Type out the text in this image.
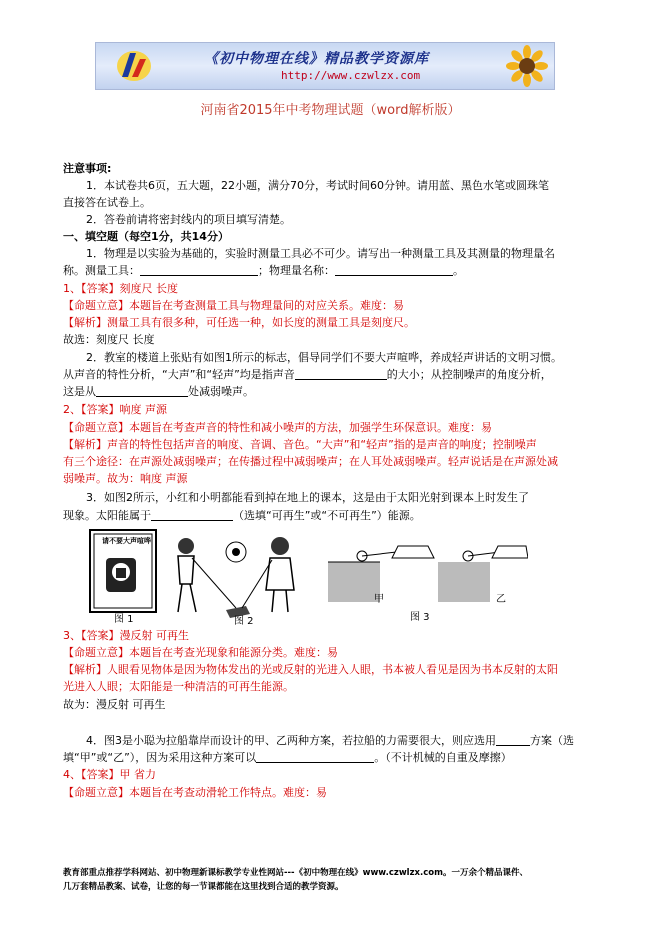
《初中物理在线》精品教学资源库
http://www.czwlzx.com
河南省2015年中考物理试题（word解析版）
注意事项:
1．本试卷共6页，五大题，22小题，满分70分，考试时间60分钟。请用蓝、黑色水笔或圆珠笔
直接答在试卷上。
2．答卷前请将密封线内的项目填写清楚。
一、填空题（每空1分，共14分）
1．物理是以实验为基础的，实验时测量工具必不可少。请写出一种测量工具及其测量的物理量名
称。测量工具：	；物理量名称：	。
1、【答案】刻度尺 长度
【命题立意】本题旨在考查测量工具与物理量间的对应关系。难度：易
【解析】测量工具有很多种，可任选一种，如长度的测量工具是刻度尺。
故选：刻度尺 长度
2．教室的楼道上张贴有如图1所示的标志，倡导同学们不要大声喧哗，养成轻声讲话的文明习惯。
从声音的特性分析，“大声”和“轻声”均是指声音	的大小；从控制噪声的角度分析，
这是从	处减弱噪声。
2、【答案】响度 声源
【命题立意】本题旨在考查声音的特性和减小噪声的方法，加强学生环保意识。难度：易
【解析】声音的特性包括声音的响度、音调、音色。“大声”和“轻声”指的是声音的响度；控制噪声
有三个途径：在声源处减弱噪声；在传播过程中减弱噪声；在人耳处减弱噪声。轻声说话是在声源处减
弱噪声。故为：响度 声源
3．如图2所示，小红和小明都能看到掉在地上的课本，这是由于太阳光射到课本上时发生了
现象。太阳能属于	（选填“可再生”或“不可再生”）能源。
请不要大声喧哗
图 1	图 2	图 3
甲	乙
3、【答案】漫反射 可再生
【命题立意】本题旨在考查光现象和能源分类。难度：易
【解析】人眼看见物体是因为物体发出的光或反射的光进入人眼，书本被人看见是因为书本反射的太阳
光进入人眼；太阳能是一种清洁的可再生能源。
故为：漫反射 可再生
4．图3是小聪为拉船靠岸而设计的甲、乙两种方案，若拉船的力需要很大，则应选用	方案（选
填“甲”或“乙”），因为采用这种方案可以	。（不计机械的自重及摩擦）
4、【答案】甲 省力
【命题立意】本题旨在考查动滑轮工作特点。难度：易
教育部重点推荐学科网站、初中物理新课标教学专业性网站---《初中物理在线》www.czwlzx.com。一万余个精品课件、
几万套精品教案、试卷，让您的每一节课都能在这里找到合适的教学资源。
